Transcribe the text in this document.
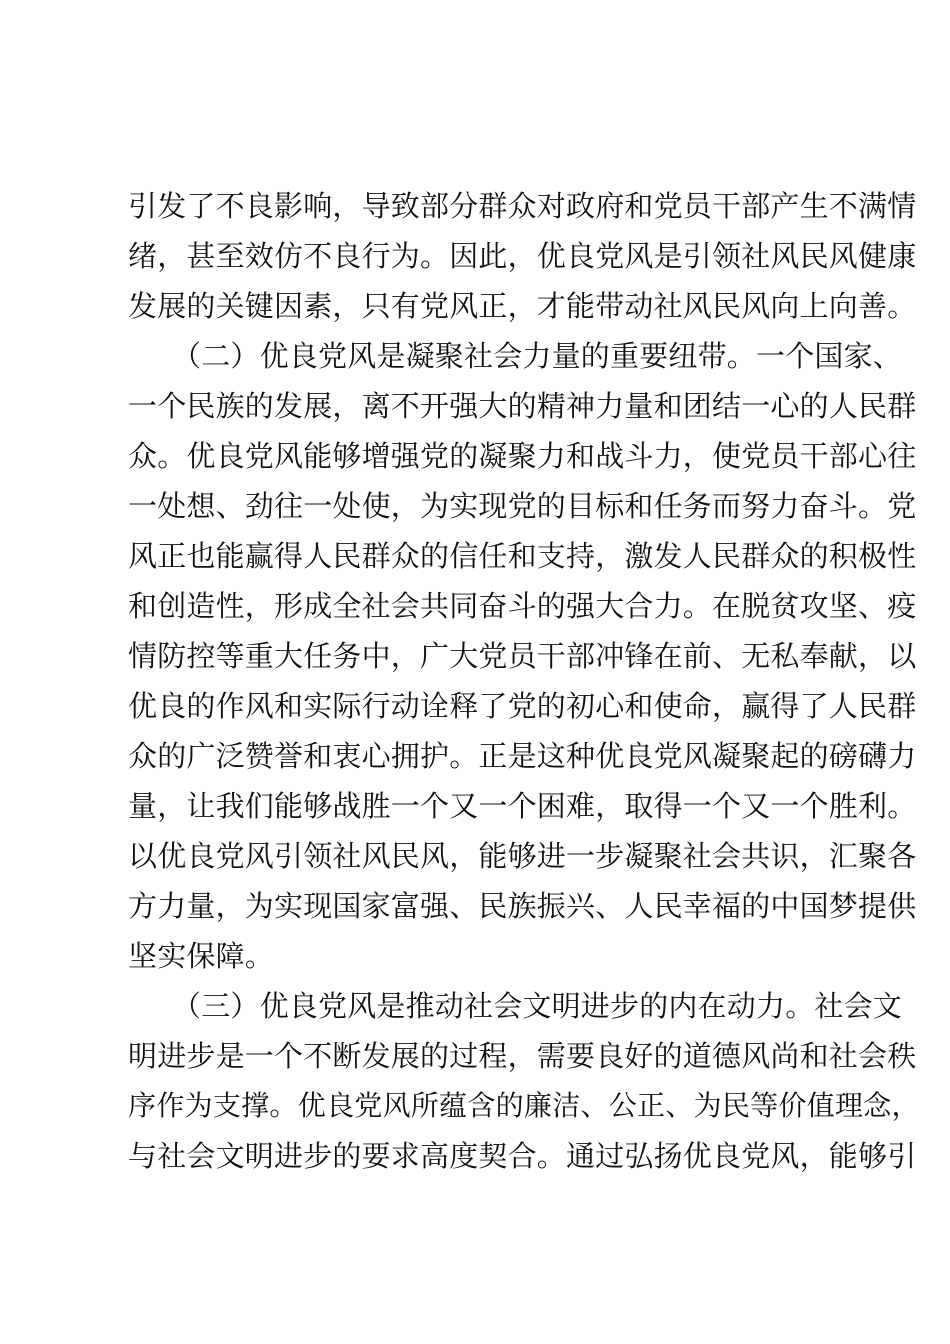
引发了不良影响，导致部分群众对政府和党员干部产生不满情
绪，甚至效仿不良行为。因此，优良党风是引领社风民风健康
发展的关键因素，只有党风正，才能带动社风民风向上向善。
（二）优良党风是凝聚社会力量的重要纽带。一个国家、
一个民族的发展，离不开强大的精神力量和团结一心的人民群
众。优良党风能够增强党的凝聚力和战斗力，使党员干部心往
一处想、劲往一处使，为实现党的目标和任务而努力奋斗。党
风正也能赢得人民群众的信任和支持，激发人民群众的积极性
和创造性，形成全社会共同奋斗的强大合力。在脱贫攻坚、疫
情防控等重大任务中，广大党员干部冲锋在前、无私奉献，以
优良的作风和实际行动诠释了党的初心和使命，赢得了人民群
众的广泛赞誉和衷心拥护。正是这种优良党风凝聚起的磅礴力
量，让我们能够战胜一个又一个困难，取得一个又一个胜利。
以优良党风引领社风民风，能够进一步凝聚社会共识，汇聚各
方力量，为实现国家富强、民族振兴、人民幸福的中国梦提供
坚实保障。
（三）优良党风是推动社会文明进步的内在动力。社会文
明进步是一个不断发展的过程，需要良好的道德风尚和社会秩
序作为支撑。优良党风所蕴含的廉洁、公正、为民等价值理念，
与社会文明进步的要求高度契合。通过弘扬优良党风，能够引
